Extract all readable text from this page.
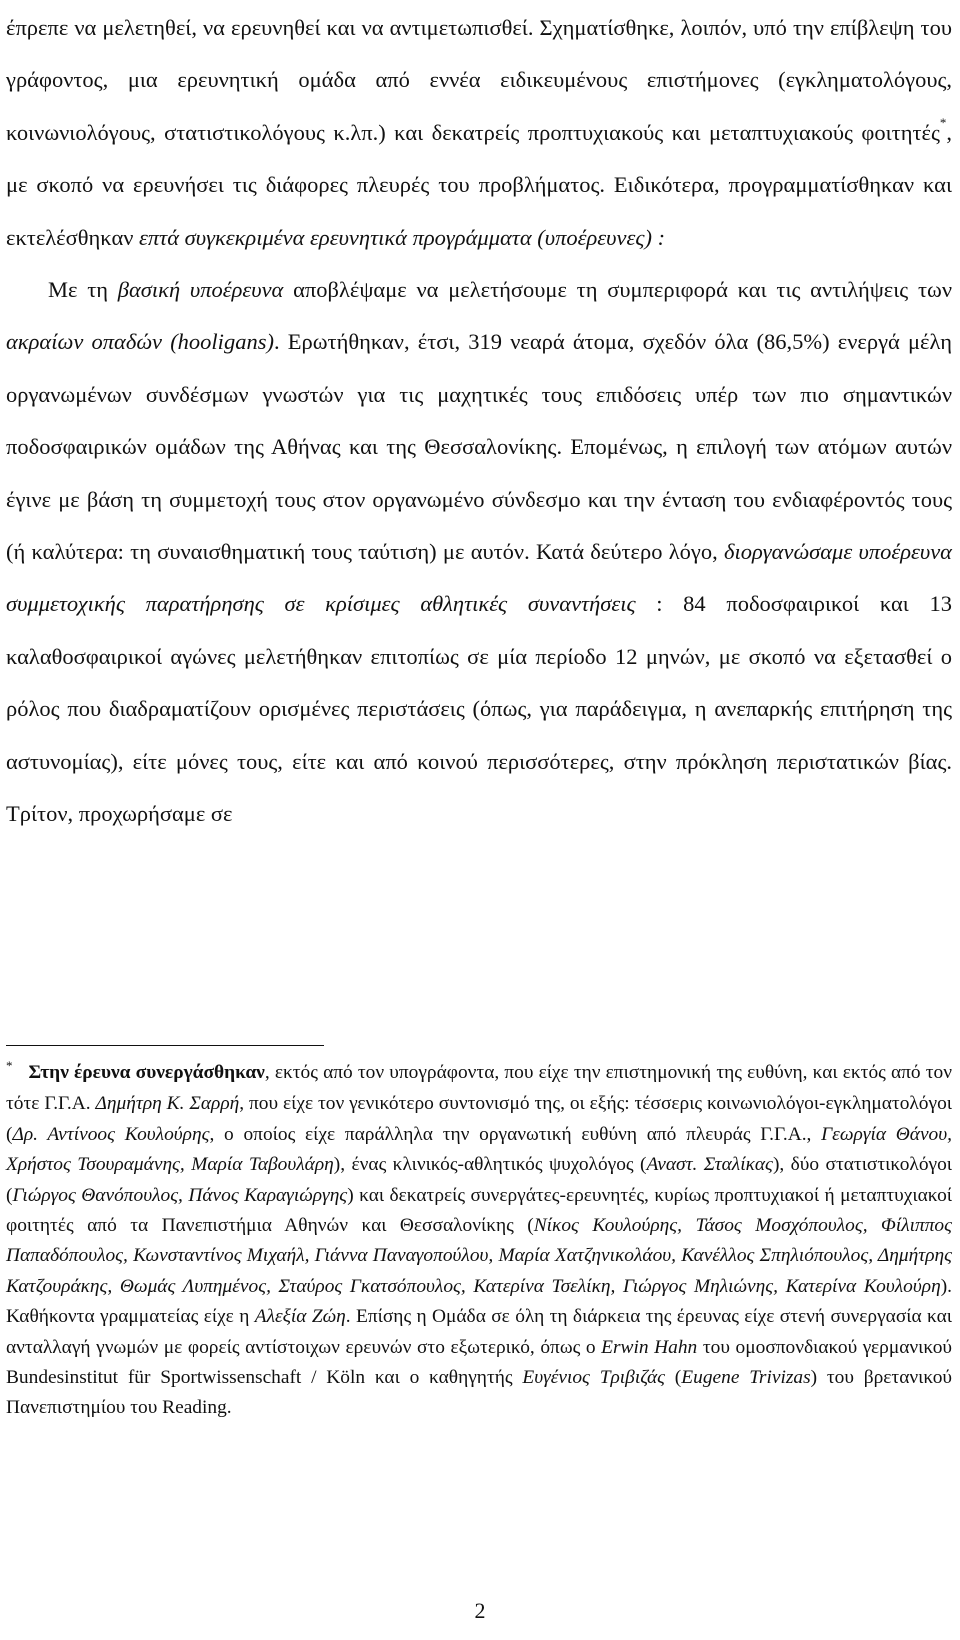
έπρεπε να μελετηθεί, να ερευνηθεί και να αντιμετωπισθεί. Σχηματίσθηκε, λοιπόν, υπό την επίβλεψη του γράφοντος, μια ερευνητική ομάδα από εννέα ειδικευμένους επιστήμονες (εγκληματολόγους, κοινωνιολόγους, στατιστικολόγους κ.λπ.) και δεκατρείς προπτυχιακούς και μεταπτυχιακούς φοιτητές*, με σκοπό να ερευνήσει τις διάφορες πλευρές του προβλήματος. Ειδικότερα, προγραμματίσθηκαν και εκτελέσθηκαν επτά συγκεκριμένα ερευνητικά προγράμματα (υποέρευνες) :

Με τη βασική υποέρευνα αποβλέψαμε να μελετήσουμε τη συμπεριφορά και τις αντιλήψεις των ακραίων οπαδών (hooligans). Ερωτήθηκαν, έτσι, 319 νεαρά άτομα, σχεδόν όλα (86,5%) ενεργά μέλη οργανωμένων συνδέσμων γνωστών για τις μαχητικές τους επιδόσεις υπέρ των πιο σημαντικών ποδοσφαιρικών ομάδων της Αθήνας και της Θεσσαλονίκης. Επομένως, η επιλογή των ατόμων αυτών έγινε με βάση τη συμμετοχή τους στον οργανωμένο σύνδεσμο και την ένταση του ενδιαφέροντός τους (ή καλύτερα: τη συναισθηματική τους ταύτιση) με αυτόν. Κατά δεύτερο λόγο, διοργανώσαμε υποέρευνα συμμετοχικής παρατήρησης σε κρίσιμες αθλητικές συναντήσεις : 84 ποδοσφαιρικοί και 13 καλαθοσφαιρικοί αγώνες μελετήθηκαν επιτοπίως σε μία περίοδο 12 μηνών, με σκοπό να εξετασθεί ο ρόλος που διαδραματίζουν ορισμένες περιστάσεις (όπως, για παράδειγμα, η ανεπαρκής επιτήρηση της αστυνομίας), είτε μόνες τους, είτε και από κοινού περισσότερες, στην πρόκληση περιστατικών βίας. Τρίτον, προχωρήσαμε σε

* Στην έρευνα συνεργάσθηκαν, εκτός από τον υπογράφοντα, που είχε την επιστημονική της ευθύνη, και εκτός από τον τότε Γ.Γ.Α. Δημήτρη Κ. Σαρρή, που είχε τον γενικότερο συντονισμό της, οι εξής: τέσσερις κοινωνιολόγοι-εγκληματολόγοι (Δρ. Αντίνοος Κουλούρης, ο οποίος είχε παράλληλα την οργανωτική ευθύνη από πλευράς Γ.Γ.Α., Γεωργία Θάνου, Χρήστος Τσουραμάνης, Μαρία Ταβουλάρη), ένας κλινικός-αθλητικός ψυχολόγος (Αναστ. Σταλίκας), δύο στατιστικολόγοι (Γιώργος Θανόπουλος, Πάνος Καραγιώργης) και δεκατρείς συνεργάτες-ερευνητές, κυρίως προπτυχιακοί ή μεταπτυχιακοί φοιτητές από τα Πανεπιστήμια Αθηνών και Θεσσαλονίκης (Νίκος Κουλούρης, Τάσος Μοσχόπουλος, Φίλιππος Παπαδόπουλος, Κωνσταντίνος Μιχαήλ, Γιάννα Παναγοπούλου, Μαρία Χατζηνικολάου, Κανέλλος Σπηλιόπουλος, Δημήτρης Κατζουράκης, Θωμάς Λυπημένος, Σταύρος Γκατσόπουλος, Κατερίνα Τσελίκη, Γιώργος Μηλιώνης, Κατερίνα Κουλούρη). Καθήκοντα γραμματείας είχε η Αλεξία Ζώη. Επίσης η Ομάδα σε όλη τη διάρκεια της έρευνας είχε στενή συνεργασία και ανταλλαγή γνωμών με φορείς αντίστοιχων ερευνών στο εξωτερικό, όπως ο Erwin Hahn του ομοσπονδιακού γερμανικού Bundesinstitut für Sportwissenschaft / Köln και ο καθηγητής Ευγένιος Τριβιζάς (Eugene Trivizas) του βρετανικού Πανεπιστημίου του Reading.

2
